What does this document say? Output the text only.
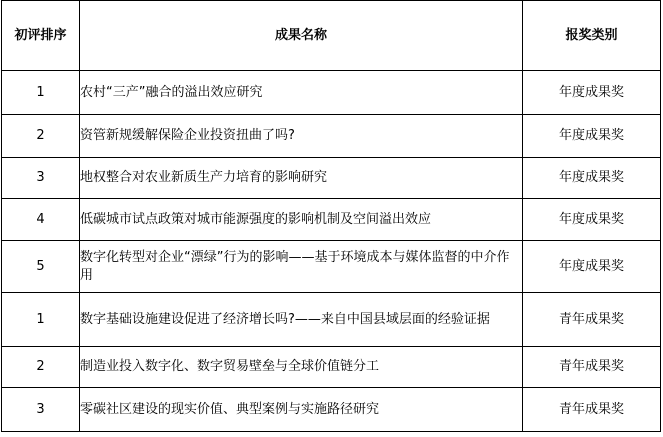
初评排序	成果名称	报奖类别
1	农村“三产”融合的溢出效应研究	年度成果奖
2	资管新规缓解保险企业投资扭曲了吗?	年度成果奖
3	地权整合对农业新质生产力培育的影响研究	年度成果奖
4	低碳城市试点政策对城市能源强度的影响机制及空间溢出效应	年度成果奖
5	数字化转型对企业“漂绿”行为的影响——基于环境成本与媒体监督的中介作用	年度成果奖
1	数字基础设施建设促进了经济增长吗?——来自中国县域层面的经验证据	青年成果奖
2	制造业投入数字化、数字贸易壁垒与全球价值链分工	青年成果奖
3	零碳社区建设的现实价值、典型案例与实施路径研究	青年成果奖
